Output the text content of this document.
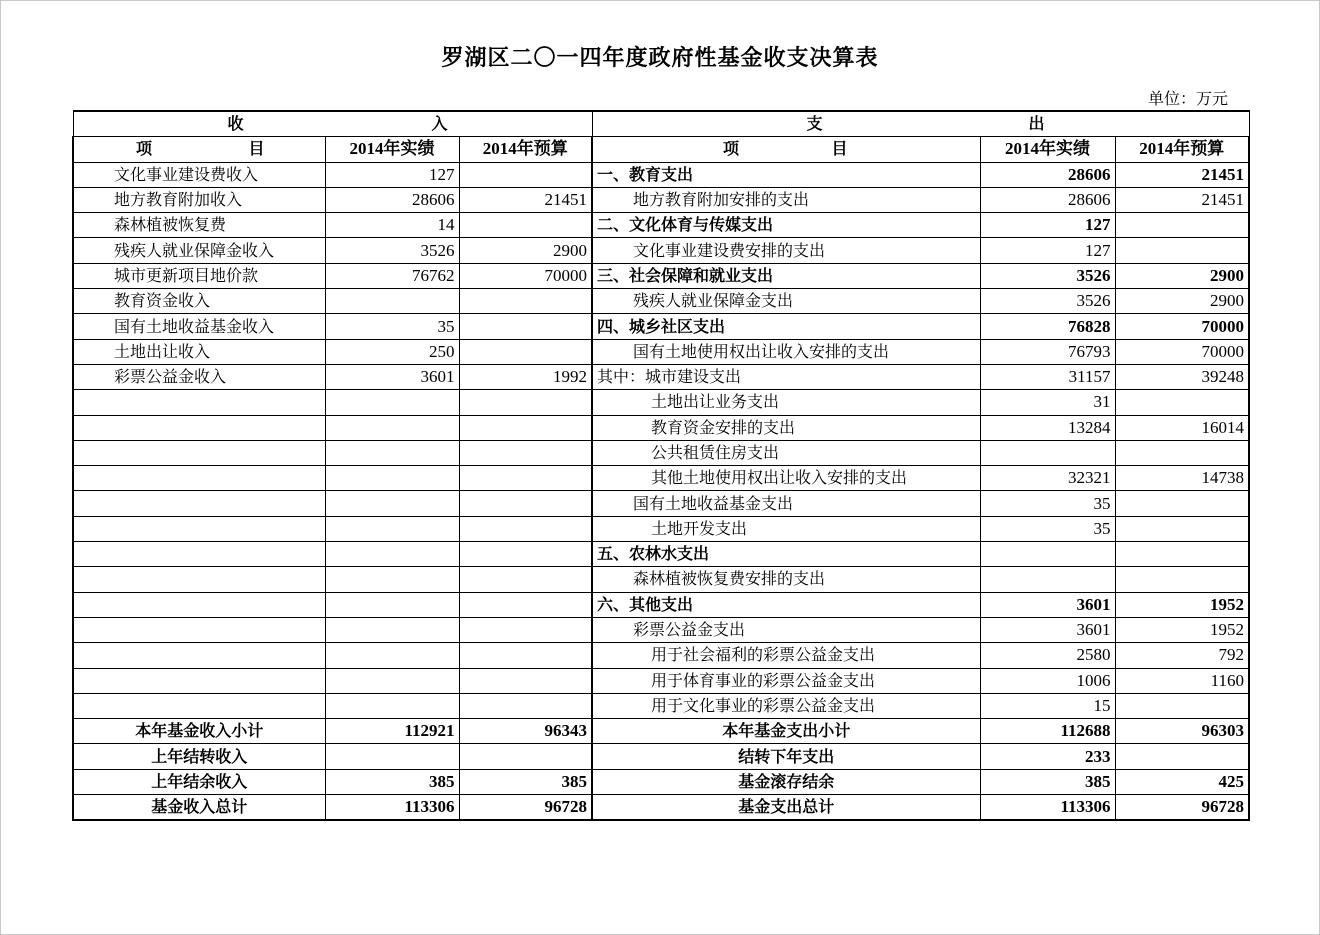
罗湖区二〇一四年度政府性基金收支决算表
单位：万元
收 入			支 出		

项 目	2014年实绩	2014年预算	项 目	2014年实绩	2014年预算
文化事业建设费收入	127		一、教育支出	28606	21451
地方教育附加收入	28606	21451	地方教育附加安排的支出	28606	21451
森林植被恢复费	14		二、文化体育与传媒支出	127	
残疾人就业保障金收入	3526	2900	文化事业建设费安排的支出	127	
城市更新项目地价款	76762	70000	三、社会保障和就业支出	3526	2900
教育资金收入			残疾人就业保障金支出	3526	2900
国有土地收益基金收入	35		四、城乡社区支出	76828	70000
土地出让收入	250		国有土地使用权出让收入安排的支出	76793	70000
彩票公益金收入	3601	1992	其中：城市建设支出	31157	39248
			土地出让业务支出	31	
			教育资金安排的支出	13284	16014
			公共租赁住房支出		
			其他土地使用权出让收入安排的支出	32321	14738
			国有土地收益基金支出	35	
			土地开发支出	35	
			五、农林水支出		
			森林植被恢复费安排的支出		
			六、其他支出	3601	1952
			彩票公益金支出	3601	1952
			用于社会福利的彩票公益金支出	2580	792
			用于体育事业的彩票公益金支出	1006	1160
			用于文化事业的彩票公益金支出	15	
本年基金收入小计	112921	96343	本年基金支出小计	112688	96303
上年结转收入			结转下年支出	233	
上年结余收入	385	385	基金滚存结余	385	425
基金收入总计	113306	96728	基金支出总计	113306	96728
